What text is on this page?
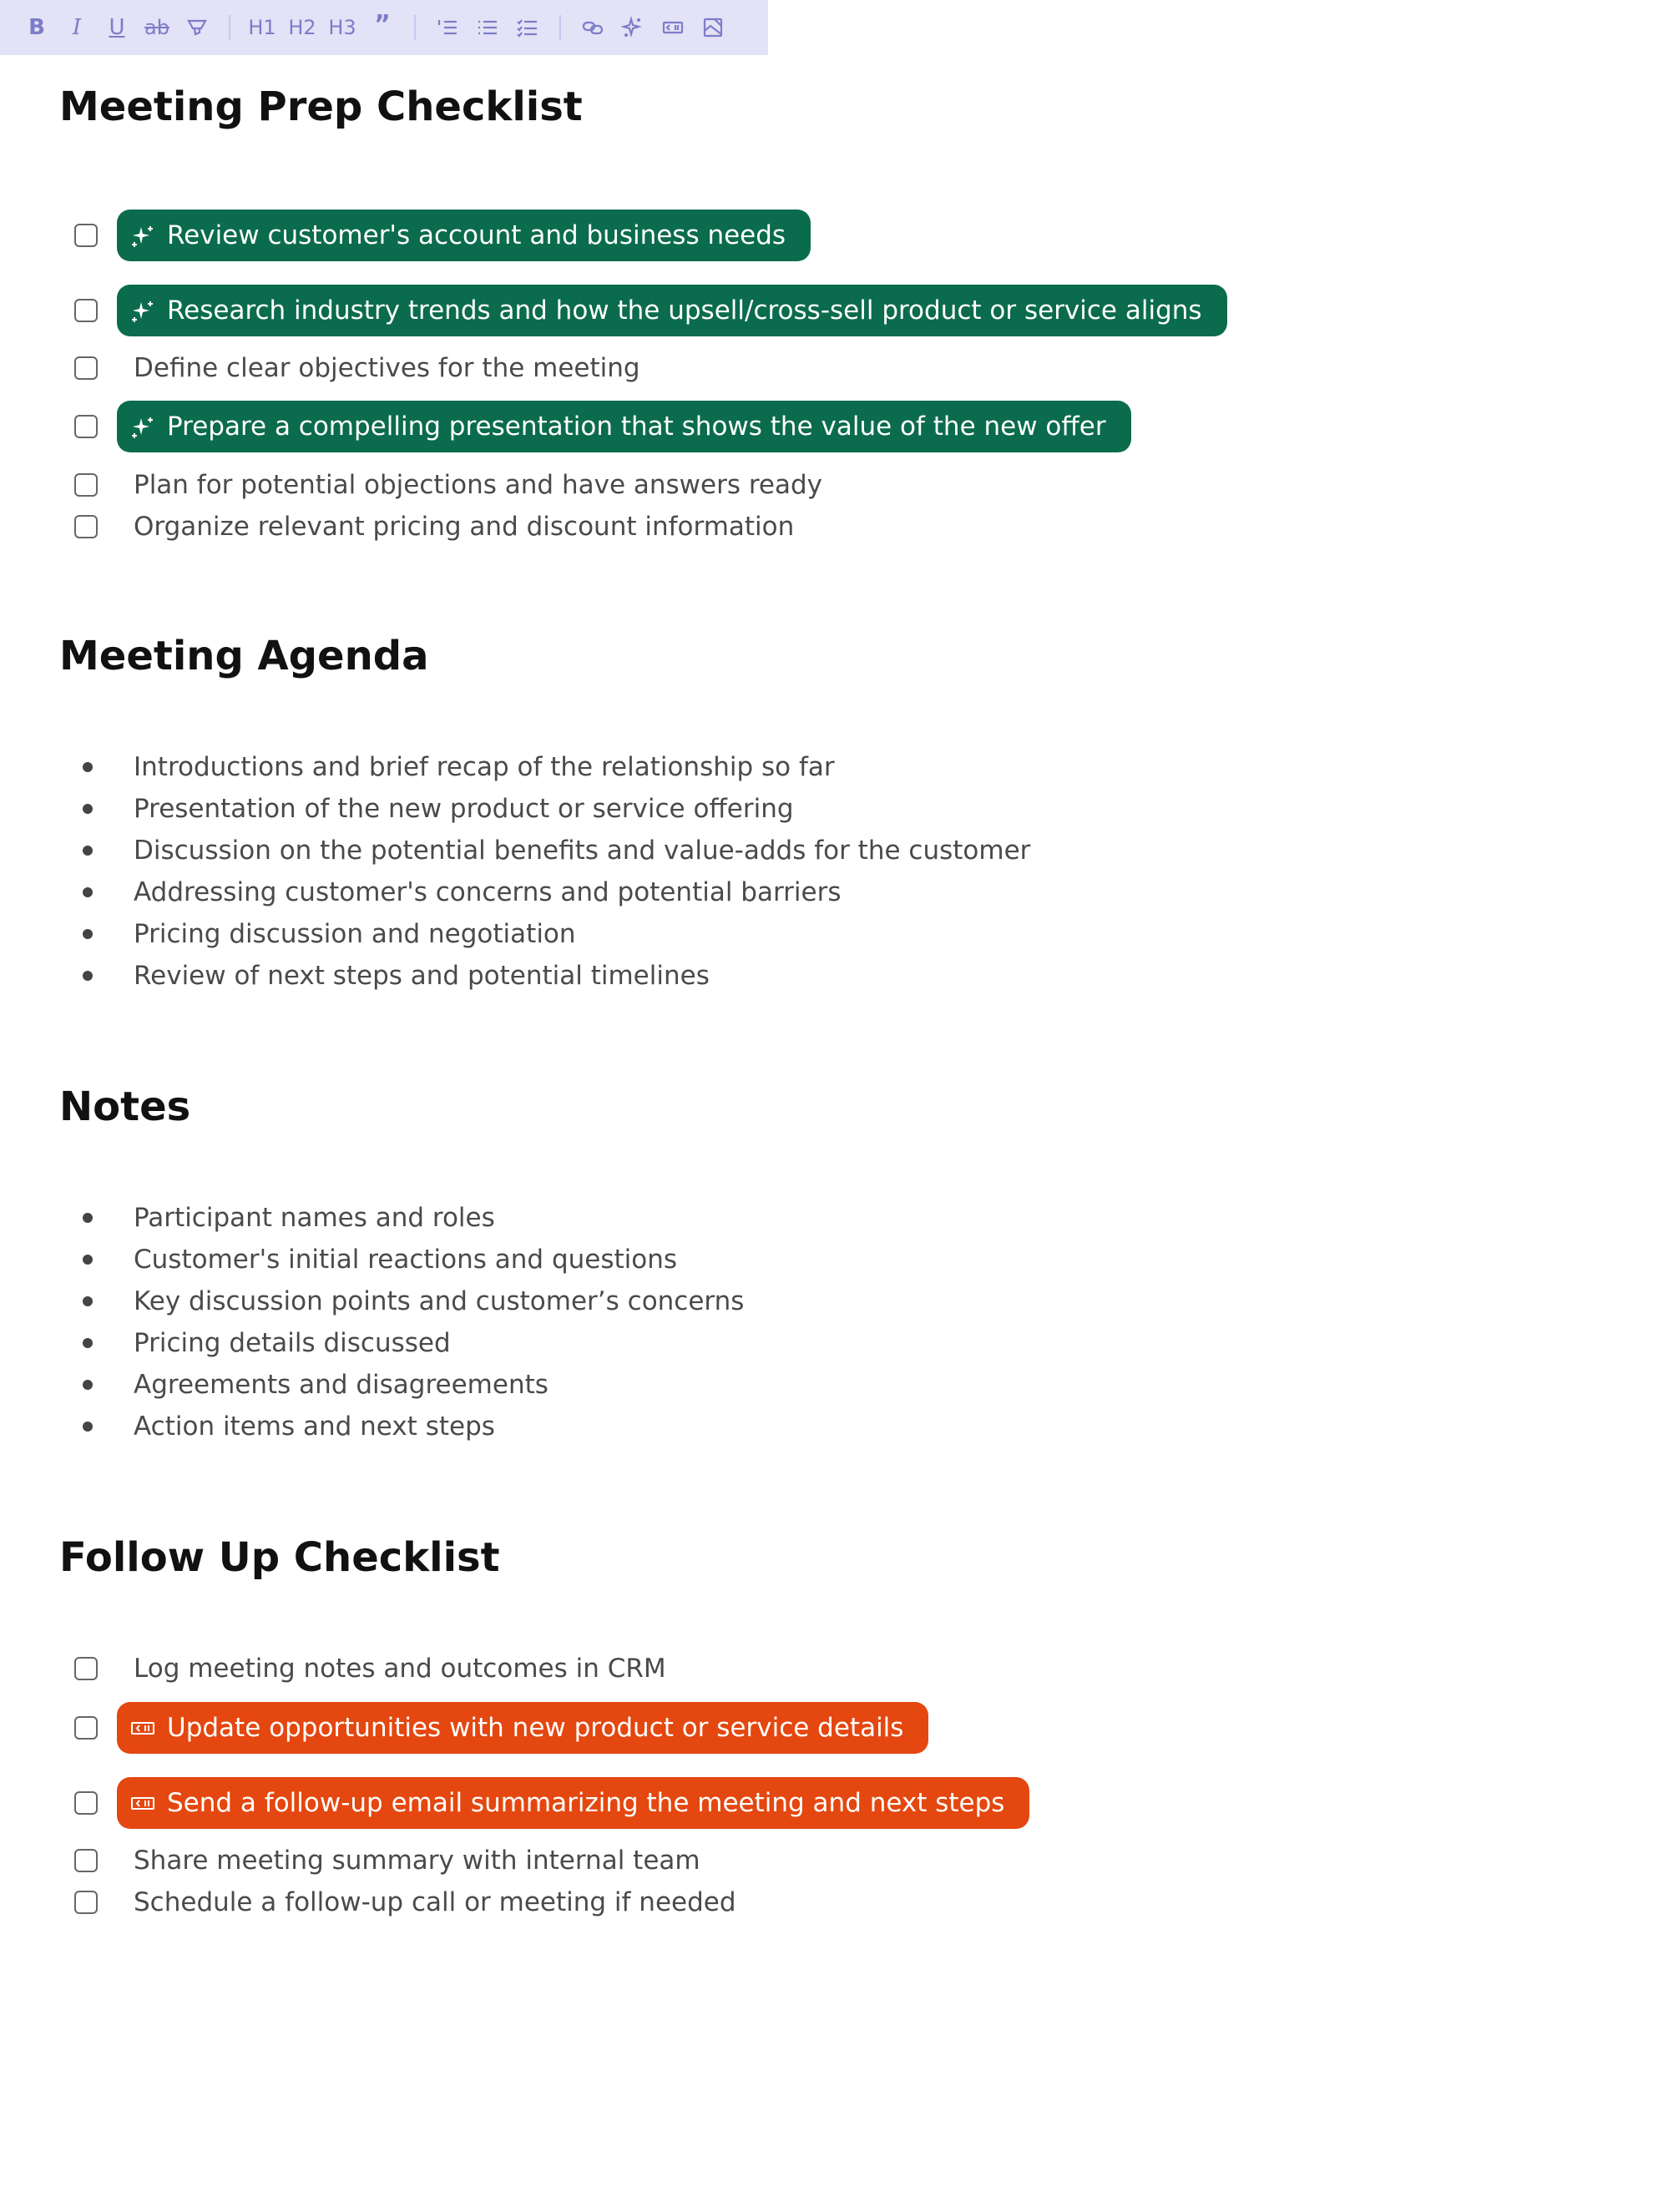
B	I	U ab	H1 H2 H3 ”
Meeting Prep Checklist
Review customer's account and business needs
Research industry trends and how the upsell/cross-sell product or service aligns
Define clear objectives for the meeting
Prepare a compelling presentation that shows the value of the new offer
Plan for potential objections and have answers ready
Organize relevant pricing and discount information
Meeting Agenda
Introductions and brief recap of the relationship so far
Presentation of the new product or service offering
Discussion on the potential benefits and value-adds for the customer
Addressing customer's concerns and potential barriers
Pricing discussion and negotiation
Review of next steps and potential timelines
Notes
Participant names and roles
Customer's initial reactions and questions
Key discussion points and customer’s concerns
Pricing details discussed
Agreements and disagreements
Action items and next steps
Follow Up Checklist
Log meeting notes and outcomes in CRM
Update opportunities with new product or service details
Send a follow-up email summarizing the meeting and next steps
Share meeting summary with internal team
Schedule a follow-up call or meeting if needed
